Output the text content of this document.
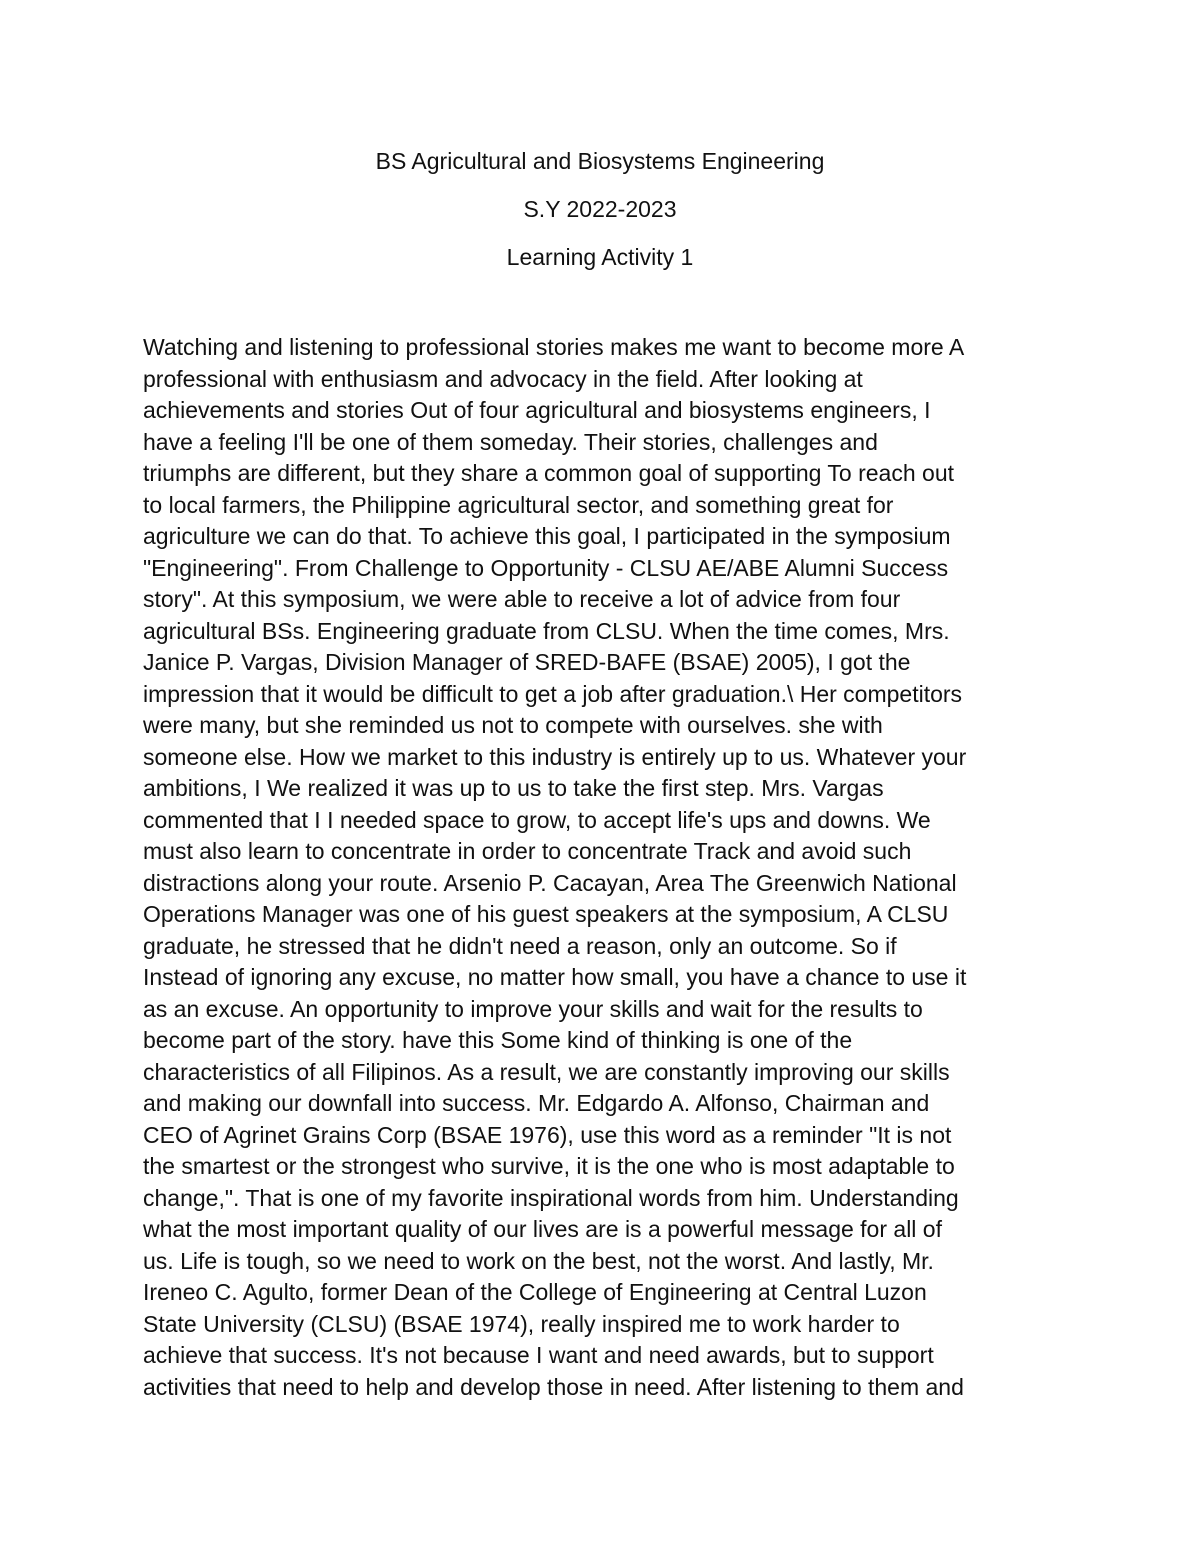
BS Agricultural and Biosystems Engineering
S.Y 2022-2023
Learning Activity 1
Watching and listening to professional stories makes me want to become more A
professional with enthusiasm and advocacy in the field. After looking at
achievements and stories Out of four agricultural and biosystems engineers, I
have a feeling I'll be one of them someday. Their stories, challenges and
triumphs are different, but they share a common goal of supporting To reach out
to local farmers, the Philippine agricultural sector, and something great for
agriculture we can do that. To achieve this goal, I participated in the symposium
"Engineering". From Challenge to Opportunity - CLSU AE/ABE Alumni Success
story". At this symposium, we were able to receive a lot of advice from four
agricultural BSs. Engineering graduate from CLSU. When the time comes, Mrs.
Janice P. Vargas, Division Manager of SRED-BAFE (BSAE) 2005), I got the
impression that it would be difficult to get a job after graduation.\ Her competitors
were many, but she reminded us not to compete with ourselves. she with
someone else. How we market to this industry is entirely up to us. Whatever your
ambitions, I We realized it was up to us to take the first step. Mrs. Vargas
commented that I I needed space to grow, to accept life's ups and downs. We
must also learn to concentrate in order to concentrate Track and avoid such
distractions along your route. Arsenio P. Cacayan, Area The Greenwich National
Operations Manager was one of his guest speakers at the symposium, A CLSU
graduate, he stressed that he didn't need a reason, only an outcome. So if
Instead of ignoring any excuse, no matter how small, you have a chance to use it
as an excuse. An opportunity to improve your skills and wait for the results to
become part of the story. have this Some kind of thinking is one of the
characteristics of all Filipinos. As a result, we are constantly improving our skills
and making our downfall into success. Mr. Edgardo A. Alfonso, Chairman and
CEO of Agrinet Grains Corp (BSAE 1976), use this word as a reminder "It is not
the smartest or the strongest who survive, it is the one who is most adaptable to
change,". That is one of my favorite inspirational words from him. Understanding
what the most important quality of our lives are is a powerful message for all of
us. Life is tough, so we need to work on the best, not the worst. And lastly, Mr.
Ireneo C. Agulto, former Dean of the College of Engineering at Central Luzon
State University (CLSU) (BSAE 1974), really inspired me to work harder to
achieve that success. It's not because I want and need awards, but to support
activities that need to help and develop those in need. After listening to them and
